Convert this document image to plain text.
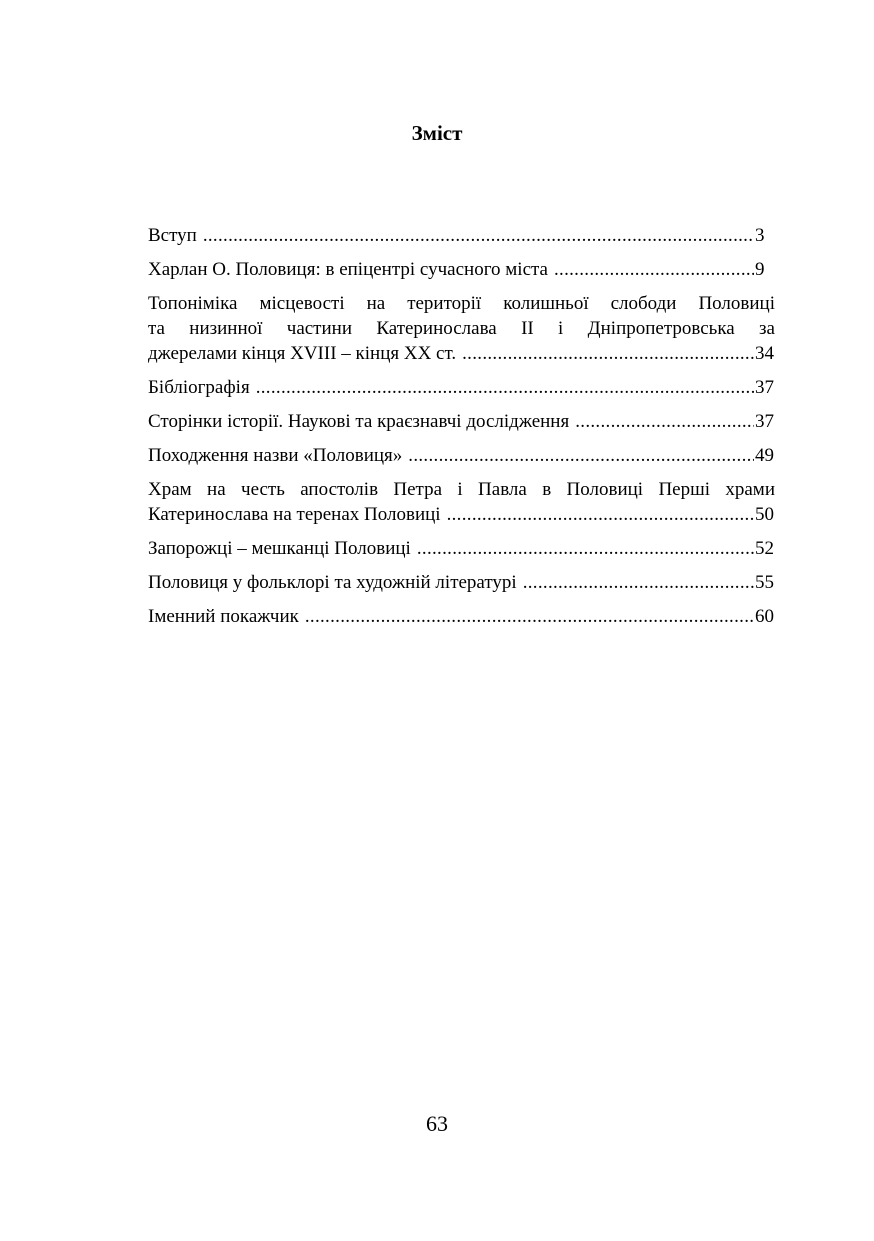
Зміст
Вступ .....	3
Харлан О. Половиця: в епіцентрі сучасного міста .....	9
Топоніміка місцевості на території колишньої слободи Половиці
та низинної частини Катеринослава ІІ і Дніпропетровська за
джерелами кінця XVIII – кінця ХХ ст. .....	34
Бібліографія .....	37
Сторінки історії. Наукові та краєзнавчі дослідження .....	37
Походження назви «Половиця» .....	49
Храм на честь апостолів Петра і Павла в Половиці Перші храми
Катеринослава на теренах Половиці .....	50
Запорожці – мешканці Половиці .....	52
Половиця у фольклорі та художній літературі .....	55
Іменний покажчик .....	60
63
